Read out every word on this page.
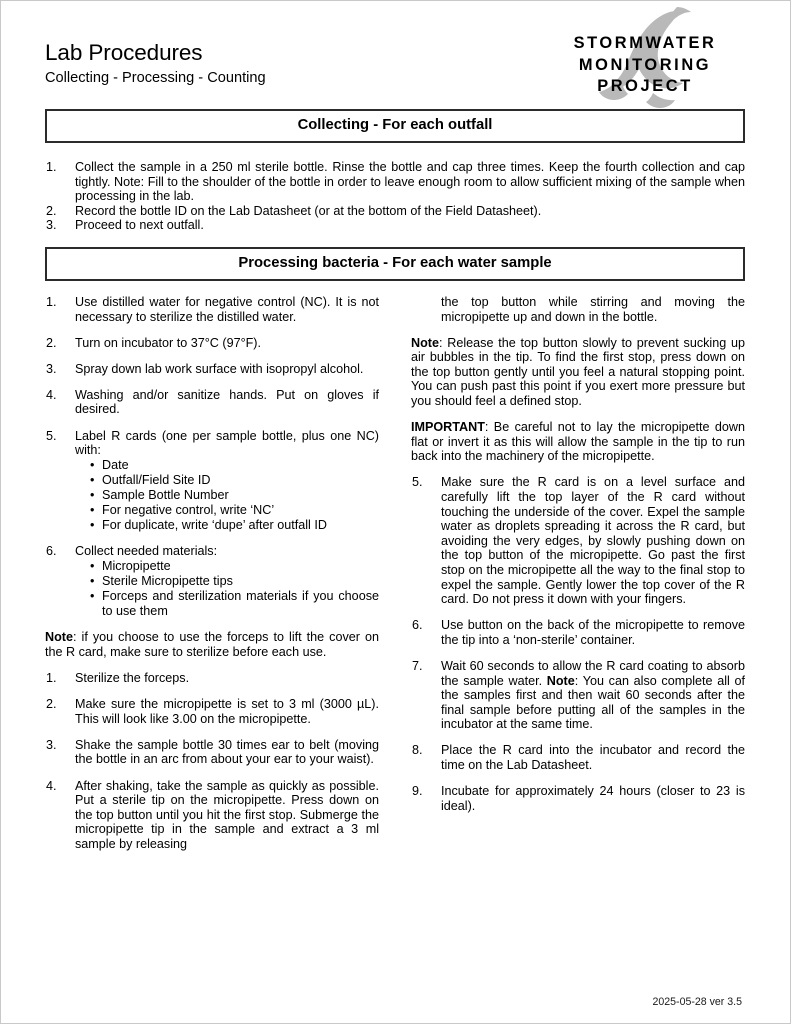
Lab Procedures
Collecting - Processing - Counting
STORMWATER
MONITORING
PROJECT
Collecting - For each outfall
1.	Collect the sample in a 250 ml sterile bottle. Rinse the bottle and cap three times. Keep the fourth collection and cap tightly. Note: Fill to the shoulder of the bottle in order to leave enough room to allow sufficient mixing of the sample when processing in the lab.
2.	Record the bottle ID on the Lab Datasheet (or at the bottom of the Field Datasheet).
3.	Proceed to next outfall.
Processing bacteria - For each water sample
1.	Use distilled water for negative control (NC). It is not necessary to sterilize the distilled water.
2.	Turn on incubator to 37°C (97°F).
3.	Spray down lab work surface with isopropyl alcohol.
4.	Washing and/or sanitize hands. Put on gloves if desired.
5.	Label R cards (one per sample bottle, plus one NC) with:
• Date
• Outfall/Field Site ID
• Sample Bottle Number
• For negative control, write ‘NC’
• For duplicate, write ‘dupe’ after outfall ID
6.	Collect needed materials:
• Micropipette
• Sterile Micropipette tips
• Forceps and sterilization materials if you choose to use them

Note: if you choose to use the forceps to lift the cover on the R card, make sure to sterilize before each use.

1.	Sterilize the forceps.
2.	Make sure the micropipette is set to 3 ml (3000 µL). This will look like 3.00 on the micropipette.
3.	Shake the sample bottle 30 times ear to belt (moving the bottle in an arc from about your ear to your waist).
4.	After shaking, take the sample as quickly as possible. Put a sterile tip on the micropipette. Press down on the top button until you hit the first stop. Submerge the micropipette tip in the sample and extract a 3 ml sample by releasing

the top button while stirring and moving the micropipette up and down in the bottle.

Note: Release the top button slowly to prevent sucking up air bubbles in the tip. To find the first stop, press down on the top button gently until you feel a natural stopping point. You can push past this point if you exert more pressure but you should feel a defined stop.

IMPORTANT: Be careful not to lay the micropipette down flat or invert it as this will allow the sample in the tip to run back into the machinery of the micropipette.

5.	Make sure the R card is on a level surface and carefully lift the top layer of the R card without touching the underside of the cover. Expel the sample water as droplets spreading it across the R card, but avoiding the very edges, by slowly pushing down on the top button of the micropipette. Go past the first stop on the micropipette all the way to the final stop to expel the sample. Gently lower the top cover of the R card. Do not press it down with your fingers.
6.	Use button on the back of the micropipette to remove the tip into a ‘non-sterile’ container.
7.	Wait 60 seconds to allow the R card coating to absorb the sample water. Note: You can also complete all of the samples first and then wait 60 seconds after the final sample before putting all of the samples in the incubator at the same time.
8.	Place the R card into the incubator and record the time on the Lab Datasheet.
9.	Incubate for approximately 24 hours (closer to 23 is ideal).
2025-05-28 ver 3.5
